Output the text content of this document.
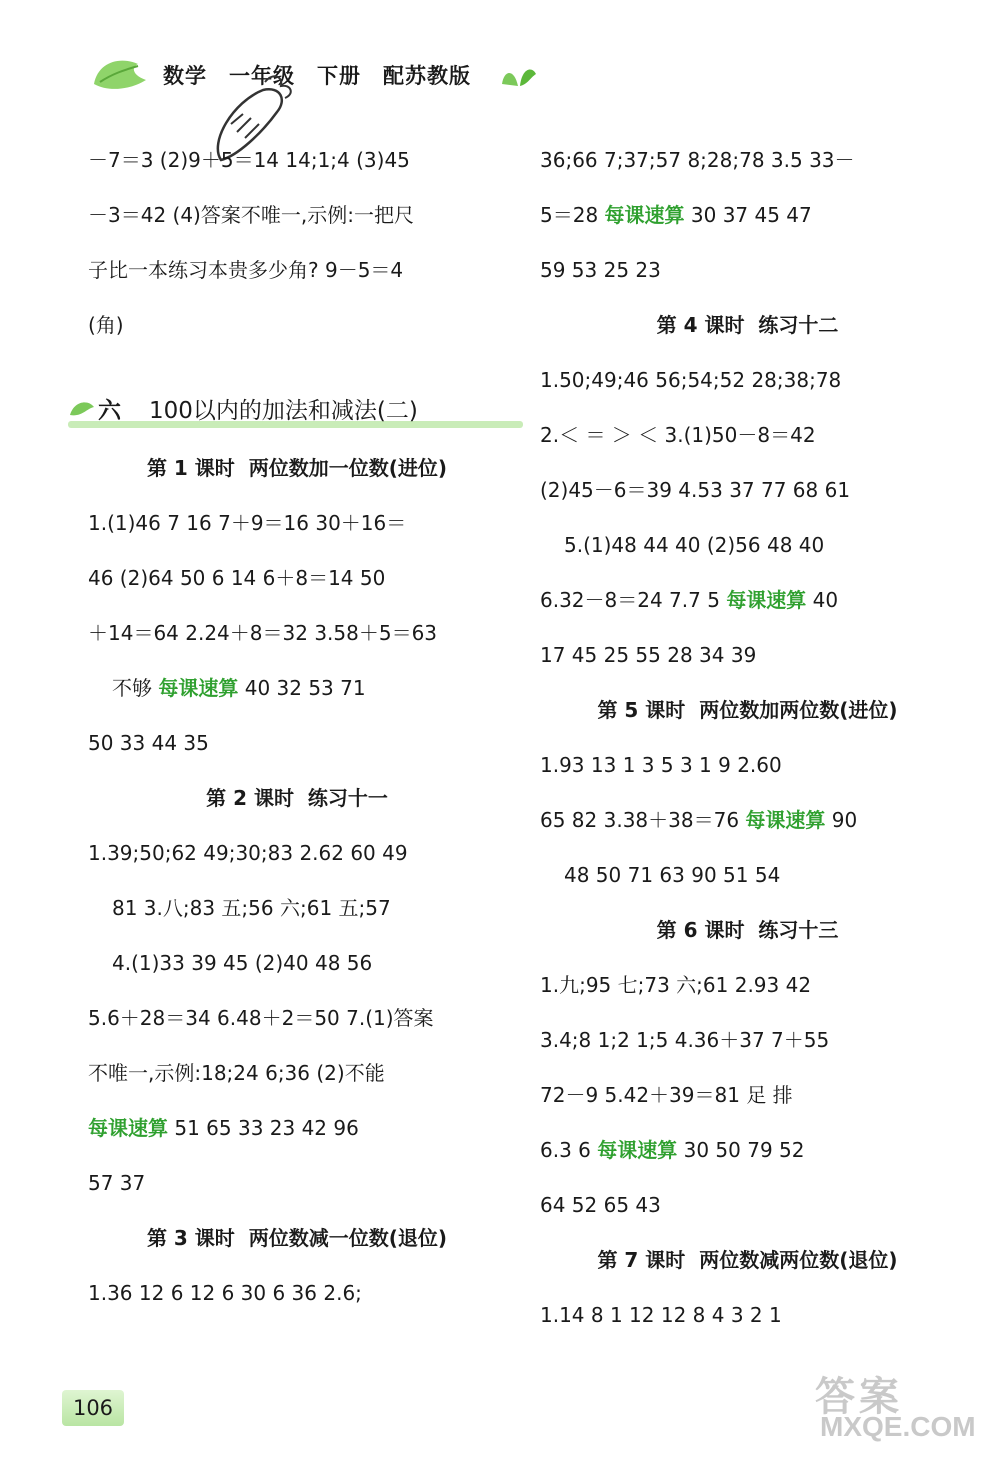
数学 一年级 下册 配苏教版
－7＝3 (2)9＋5＝14 14;1;4 (3)45
－3＝42 (4)答案不唯一,示例:一把尺
子比一本练习本贵多少角? 9－5＝4
(角)
六 100以内的加法和减法(二)
第 1 课时  两位数加一位数(进位)
1.(1)46 7 16 7＋9＝16 30＋16＝
46 (2)64 50 6 14 6＋8＝14 50
＋14＝64 2.24＋8＝32 3.58＋5＝63
不够 每课速算 40 32 53 71
50 33 44 35
第 2 课时  练习十一
1.39;50;62 49;30;83 2.62 60 49
81 3.八;83 五;56 六;61 五;57
4.(1)33 39 45 (2)40 48 56
5.6＋28＝34 6.48＋2＝50 7.(1)答案
不唯一,示例:18;24 6;36 (2)不能
每课速算 51 65 33 23 42 96
57 37
第 3 课时  两位数减一位数(退位)
1.36 12 6 12 6 30 6 36 2.6;
36;66 7;37;57 8;28;78 3.5 33－
5＝28 每课速算 30 37 45 47
59 53 25 23
第 4 课时  练习十二
1.50;49;46 56;54;52 28;38;78
2.＜ ＝ ＞ ＜ 3.(1)50－8＝42
(2)45－6＝39 4.53 37 77 68 61
5.(1)48 44 40 (2)56 48 40
6.32－8＝24 7.7 5 每课速算 40
17 45 25 55 28 34 39
第 5 课时  两位数加两位数(进位)
1.93 13 1 3 5 3 1 9 2.60
65 82 3.38＋38＝76 每课速算 90
48 50 71 63 90 51 54
第 6 课时  练习十三
1.九;95 七;73 六;61 2.93 42
3.4;8 1;2 1;5 4.36＋37 7＋55
72－9 5.42＋39＝81 足 排
6.3 6 每课速算 30 50 79 52
64 52 65 43
第 7 课时  两位数减两位数(退位)
1.14 8 1 12 12 8 4 3 2 1
106	答案
MXQE.COM
